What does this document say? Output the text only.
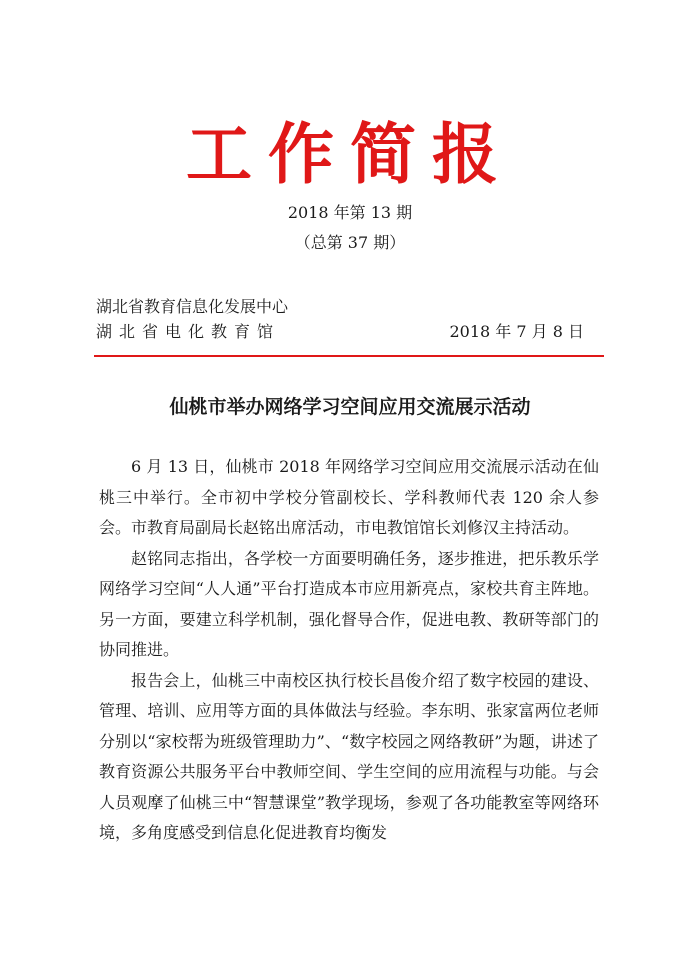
工作简报
2018 年第 13 期
（总第 37 期）
湖北省教育信息化发展中心
湖北省电化教育馆	2018 年 7 月 8 日
仙桃市举办网络学习空间应用交流展示活动

6 月 13 日，仙桃市 2018 年网络学习空间应用交流展示活动在仙桃三中举行。全市初中学校分管副校长、学科教师代表 120 余人参会。市教育局副局长赵铭出席活动，市电教馆馆长刘修汉主持活动。

赵铭同志指出，各学校一方面要明确任务，逐步推进，把乐教乐学网络学习空间“人人通”平台打造成本市应用新亮点，家校共育主阵地。另一方面，要建立科学机制，强化督导合作，促进电教、教研等部门的协同推进。

报告会上，仙桃三中南校区执行校长昌俊介绍了数字校园的建设、管理、培训、应用等方面的具体做法与经验。李东明、张家富两位老师分别以“家校帮为班级管理助力”、“数字校园之网络教研”为题，讲述了教育资源公共服务平台中教师空间、学生空间的应用流程与功能。与会人员观摩了仙桃三中“智慧课堂”教学现场，参观了各功能教室等网络环境，多角度感受到信息化促进教育均衡发
